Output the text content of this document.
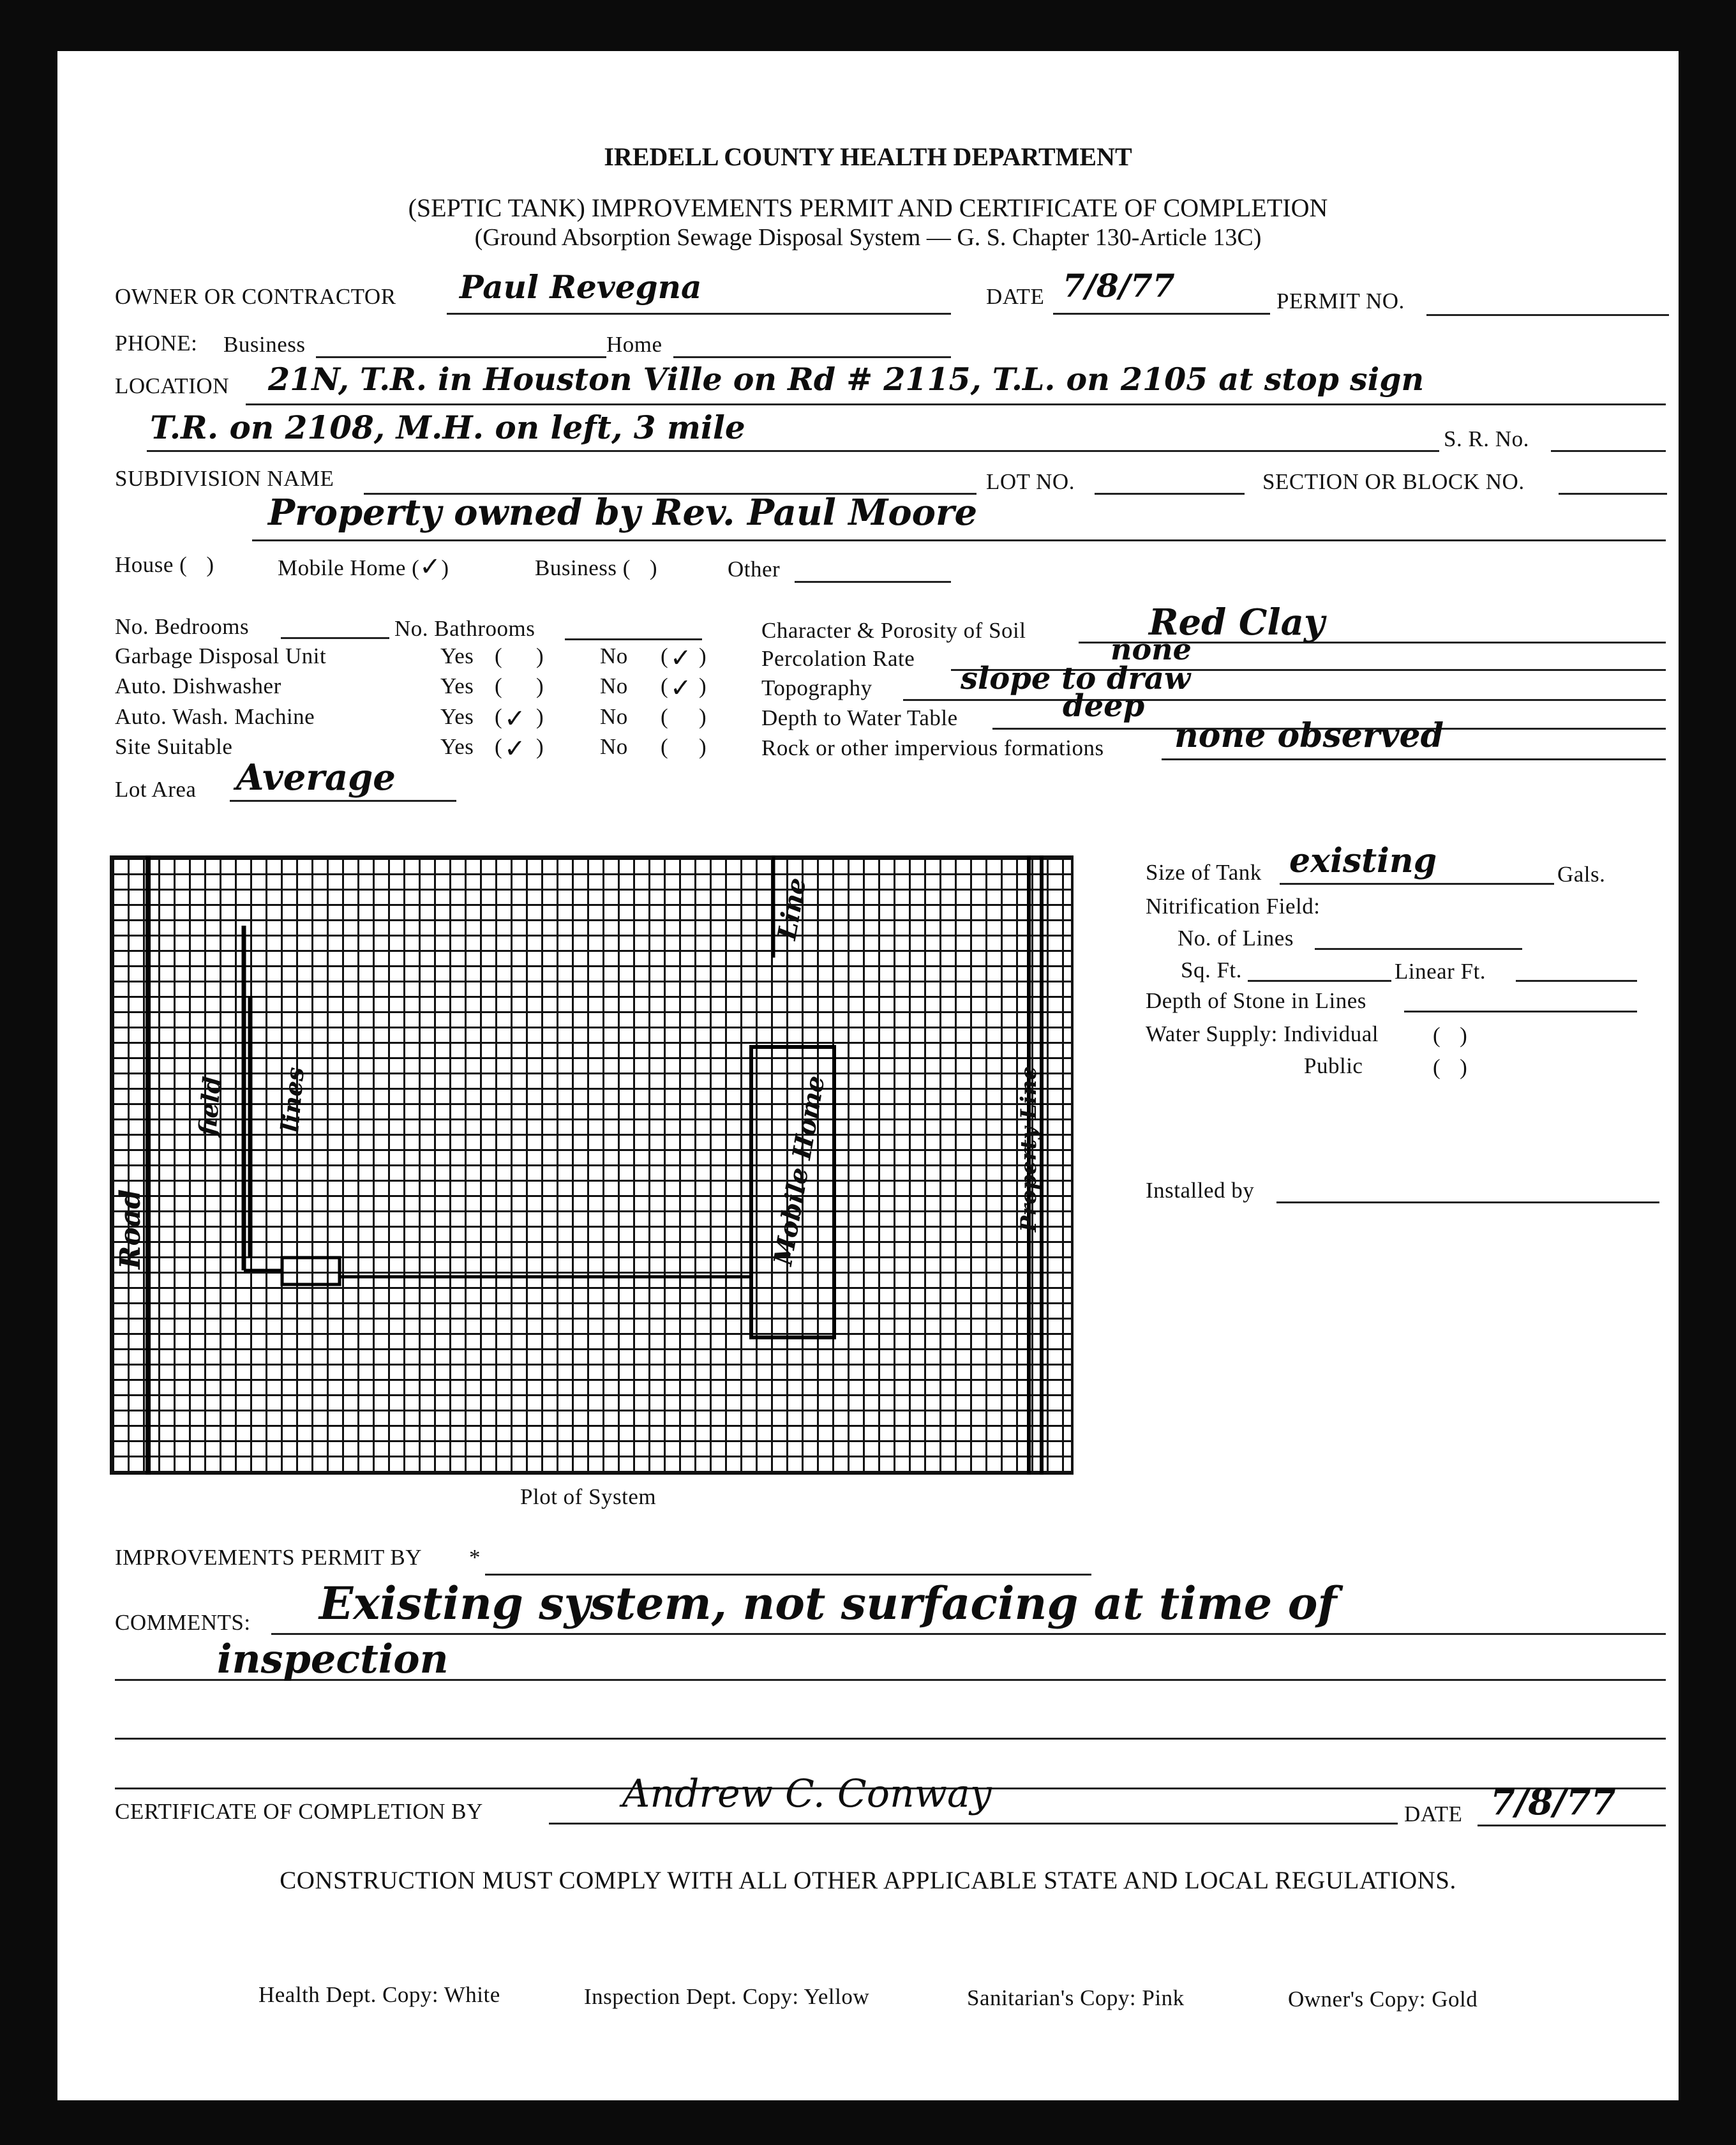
IREDELL COUNTY HEALTH DEPARTMENT
(SEPTIC TANK) IMPROVEMENTS PERMIT AND CERTIFICATE OF COMPLETION
(Ground Absorption Sewage Disposal System — G. S. Chapter 130-Article 13C)
OWNER OR CONTRACTOR Paul Revegna	DATE 7/8/77	PERMIT NO.
PHONE: Business	Home
LOCATION 21N, T.R. in Houston Ville on Rd # 2115, T.L. on 2105 at stop sign
T.R. on 2108, M.H. on left, 3 mile	S. R. No.
SUBDIVISION NAME	LOT NO.	SECTION OR BLOCK NO.
Property owned by Rev. Paul Moore
House ( )	Mobile Home (✓)	Business ( )	Other
No. Bedrooms	No. Bathrooms
Garbage Disposal Unit	Yes ( )	No ( ✓ )
Auto. Dishwasher	Yes ( )	No ( ✓ )
Auto. Wash. Machine	Yes ( ✓ )	No ( )
Site Suitable	Yes ( ✓ )	No ( )
Character & Porosity of Soil	Red Clay
Percolation Rate	none
Topography	slope to draw
Depth to Water Table	deep
Rock or other impervious formations none observed
Lot Area Average
Road
Line
field lines	Mobile Home	Property Line
Plot of System
Size of Tank existing	Gals.
Nitrification Field:
No. of Lines
Sq. Ft.	Linear Ft.
Depth of Stone in Lines
Water Supply: Individual ( )
Public	( )
Installed by
IMPROVEMENTS PERMIT BY *
COMMENTS: Existing system, not surfacing at time of
inspection
CERTIFICATE OF COMPLETION BY	Andrew C. Conway	DATE 7/8/77
CONSTRUCTION MUST COMPLY WITH ALL OTHER APPLICABLE STATE AND LOCAL REGULATIONS.
Health Dept. Copy: White	Inspection Dept. Copy: Yellow	Sanitarian's Copy: Pink	Owner's Copy: Gold
